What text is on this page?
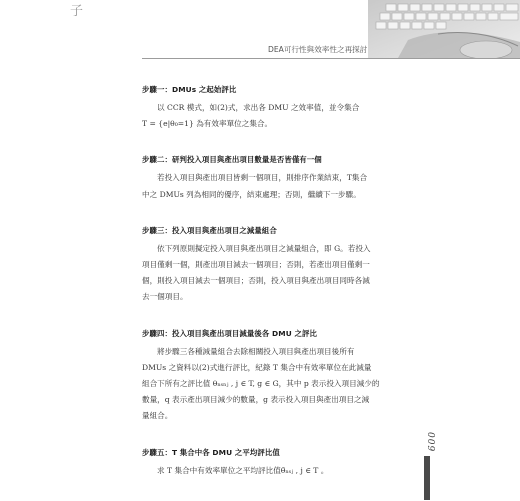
子
DEA可行性與效率性之再探討
步驟一：DMUs 之起始評比

以 CCR 模式，如(2)式，求出各 DMU 之效率值，並令集合
T = {e|θ₀=1} 為有效率單位之集合。

步驟二：研判投入項目與產出項目數量是否皆僅有一個

若投入項目與產出項目皆剩一個項目，則排序作業結束，T集合
中之 DMUs 列為相同的優序，結束處理；否則，繼續下一步驟。

步驟三：投入項目與產出項目之減量組合

依下列原則擬定投入項目與產出項目之減量組合，即 G。若投入
項目僅剩一個，則產出項目減去一個項目；否則，若產出項目僅剩一
個，則投入項目減去一個項目；否則，投入項目與產出項目同時各減
去一個項目。

步驟四：投入項目與產出項目減量後各 DMU 之評比

將步驟三各種減量組合去除相關投入項目與產出項目後所有
DMUs 之資料以(2)式進行評比，紀錄 T 集合中有效率單位在此減量
組合下所有之評比值 θₙₛₙⱼ , j ∈ T, g ∈ G，其中 p 表示投入項目減少的
數量，q 表示產出項目減少的數量，g 表示投入項目與產出項目之減
量組合。

步驟五：T 集合中各 DMU 之平均評比值

求 T 集合中有效率單位之平均評比值θ̄ₙₛⱼ , j ∈ T 。

009
